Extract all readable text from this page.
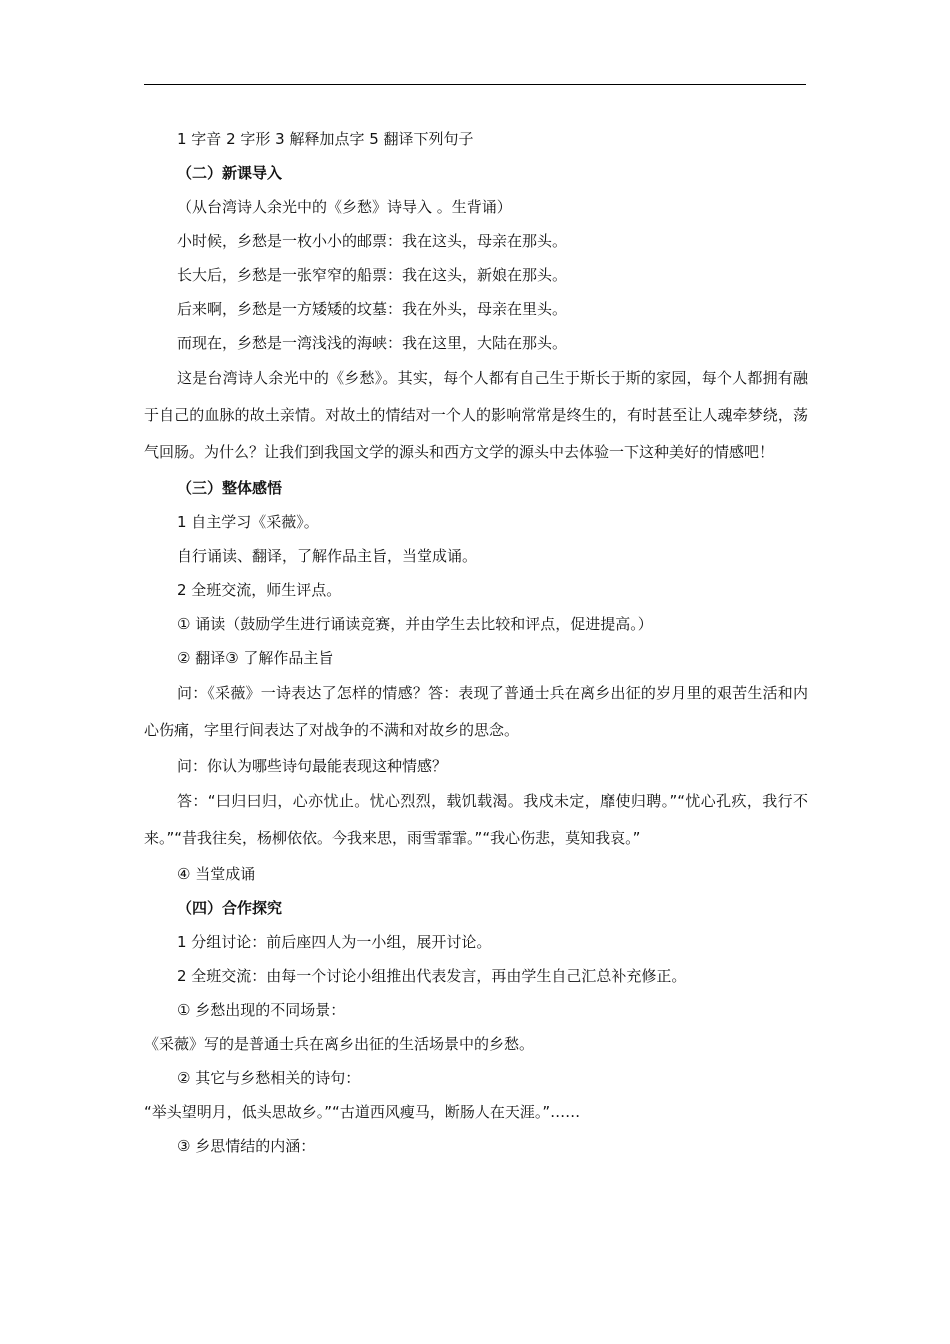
1 字音 2 字形 3 解释加点字 5 翻译下列句子
（二）新课导入
（从台湾诗人余光中的《乡愁》诗导入 。生背诵）
小时候，乡愁是一枚小小的邮票：我在这头，母亲在那头。
长大后，乡愁是一张窄窄的船票：我在这头，新娘在那头。
后来啊，乡愁是一方矮矮的坟墓：我在外头，母亲在里头。
而现在，乡愁是一湾浅浅的海峡：我在这里，大陆在那头。

这是台湾诗人余光中的《乡愁》。其实，每个人都有自己生于斯长于斯的家园，每个人都拥有融于自己的血脉的故土亲情。对故土的情结对一个人的影响常常是终生的，有时甚至让人魂牵梦绕，荡气回肠。为什么？让我们到我国文学的源头和西方文学的源头中去体验一下这种美好的情感吧！

（三）整体感悟
1 自主学习《采薇》。
自行诵读、翻译，了解作品主旨，当堂成诵。
2 全班交流，师生评点。
① 诵读（鼓励学生进行诵读竞赛，并由学生去比较和评点，促进提高。）
② 翻译③ 了解作品主旨

问：《采薇》一诗表达了怎样的情感？答：表现了普通士兵在离乡出征的岁月里的艰苦生活和内心伤痛，字里行间表达了对战争的不满和对故乡的思念。

问：你认为哪些诗句最能表现这种情感？

答：“曰归曰归，心亦忧止。忧心烈烈，载饥载渴。我戍未定，靡使归聘。”“忧心孔疚，我行不来。”“昔我往矣，杨柳依依。今我来思，雨雪霏霏。”“我心伤悲，莫知我哀。”

④ 当堂成诵
（四）合作探究
1 分组讨论：前后座四人为一小组，展开讨论。
2 全班交流：由每一个讨论小组推出代表发言，再由学生自己汇总补充修正。
① 乡愁出现的不同场景：
《采薇》写的是普通士兵在离乡出征的生活场景中的乡愁。
② 其它与乡愁相关的诗句：
“举头望明月，低头思故乡。”“古道西风瘦马，断肠人在天涯。”……
③ 乡思情结的内涵：
